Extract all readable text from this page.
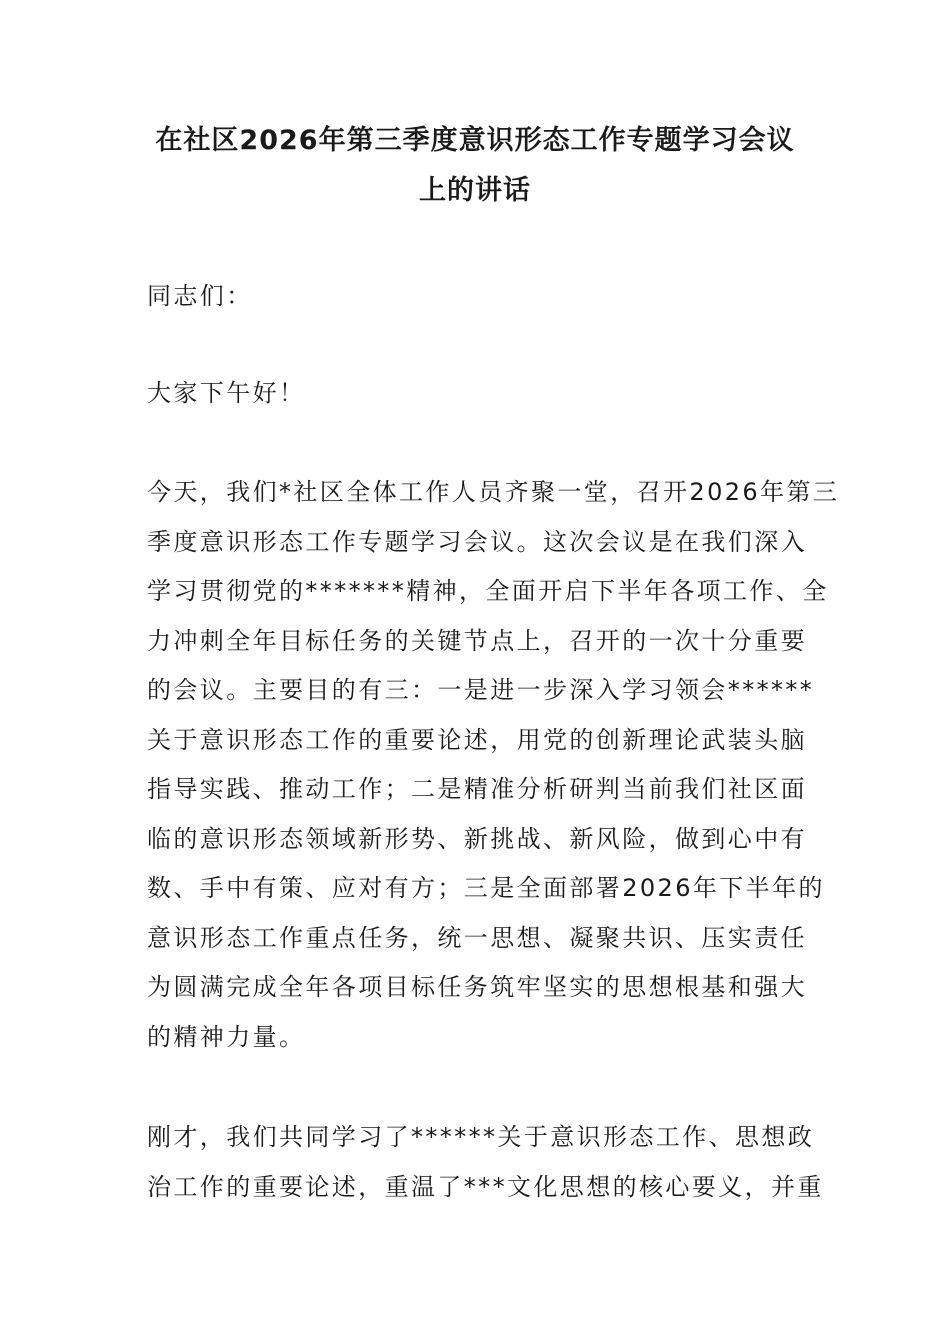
在社区2026年第三季度意识形态工作专题学习会议
上的讲话

同志们：

大家下午好！

今天，我们*社区全体工作人员齐聚一堂，召开2026年第三
季度意识形态工作专题学习会议。这次会议是在我们深入
学习贯彻党的*******精神，全面开启下半年各项工作、全
力冲刺全年目标任务的关键节点上，召开的一次十分重要
的会议。主要目的有三：一是进一步深入学习领会******
关于意识形态工作的重要论述，用党的创新理论武装头脑
指导实践、推动工作；二是精准分析研判当前我们社区面
临的意识形态领域新形势、新挑战、新风险，做到心中有
数、手中有策、应对有方；三是全面部署2026年下半年的
意识形态工作重点任务，统一思想、凝聚共识、压实责任
为圆满完成全年各项目标任务筑牢坚实的思想根基和强大
的精神力量。
刚才，我们共同学习了******关于意识形态工作、思想政
治工作的重要论述，重温了***文化思想的核心要义，并重
